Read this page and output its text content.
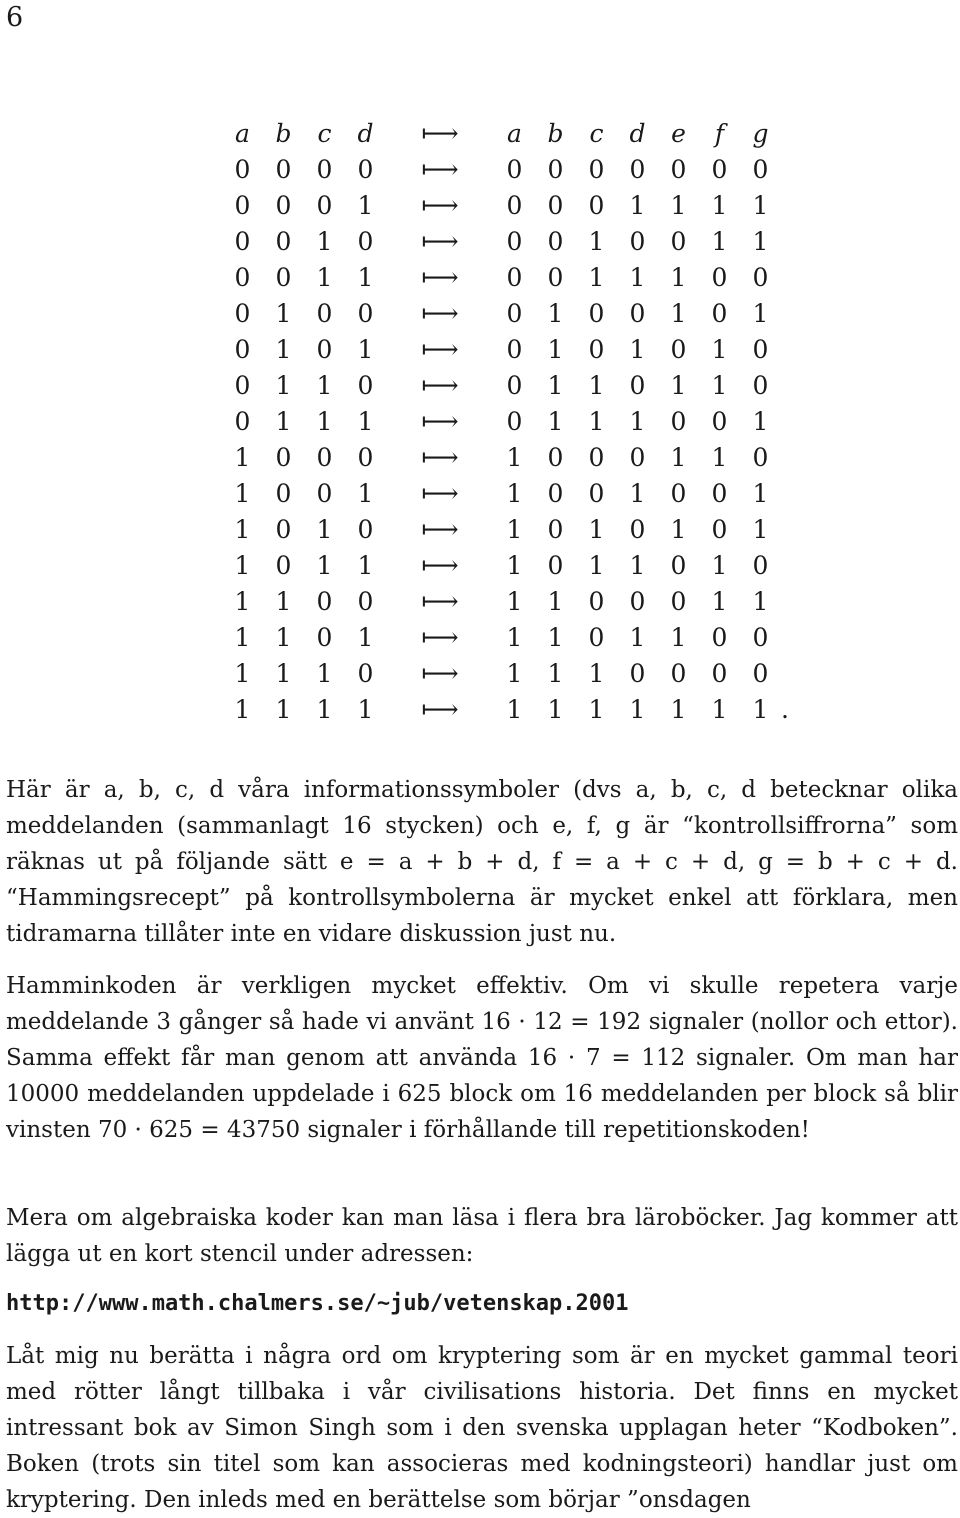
6
a	b	c	d	⟼	a	b	c	d	e	f	g	
0	0	0	0	⟼	0	0	0	0	0	0	0	
0	0	0	1	⟼	0	0	0	1	1	1	1	
0	0	1	0	⟼	0	0	1	0	0	1	1	
0	0	1	1	⟼	0	0	1	1	1	0	0	
0	1	0	0	⟼	0	1	0	0	1	0	1	
0	1	0	1	⟼	0	1	0	1	0	1	0	
0	1	1	0	⟼	0	1	1	0	1	1	0	
0	1	1	1	⟼	0	1	1	1	0	0	1	
1	0	0	0	⟼	1	0	0	0	1	1	0	
1	0	0	1	⟼	1	0	0	1	0	0	1	
1	0	1	0	⟼	1	0	1	0	1	0	1	
1	0	1	1	⟼	1	0	1	1	0	1	0	
1	1	0	0	⟼	1	1	0	0	0	1	1	
1	1	0	1	⟼	1	1	0	1	1	0	0	
1	1	1	0	⟼	1	1	1	0	0	0	0	
1	1	1	1	⟼	1	1	1	1	1	1	1	.

Här är a, b, c, d våra informationssymboler (dvs a, b, c, d betecknar olika meddelanden (sammanlagt 16 stycken) och e, f, g är “kontrollsiffrorna” som räknas ut på följande sätt e = a + b + d, f = a + c + d, g = b + c + d. “Hammingsrecept” på kontrollsymbolerna är mycket enkel att förklara, men tidramarna tillåter inte en vidare diskussion just nu.

Hamminkoden är verkligen mycket effektiv. Om vi skulle repetera varje meddelande 3 gånger så hade vi använt 16 · 12 = 192 signaler (nollor och ettor). Samma effekt får man genom att använda 16 · 7 = 112 signaler. Om man har 10000 meddelanden uppdelade i 625 block om 16 meddelanden per block så blir vinsten 70 · 625 = 43750 signaler i förhållande till repetitionskoden!

Mera om algebraiska koder kan man läsa i flera bra läroböcker. Jag kommer att lägga ut en kort stencil under adressen:

http://www.math.chalmers.se/∼jub/vetenskap.2001

Låt mig nu berätta i några ord om kryptering som är en mycket gammal teori med rötter långt tillbaka i vår civilisations historia. Det finns en mycket intressant bok av Simon Singh som i den svenska upplagan heter “Kodboken”. Boken (trots sin titel som kan associeras med kodningsteori) handlar just om kryptering. Den inleds med en berättelse som börjar ”onsdagen
